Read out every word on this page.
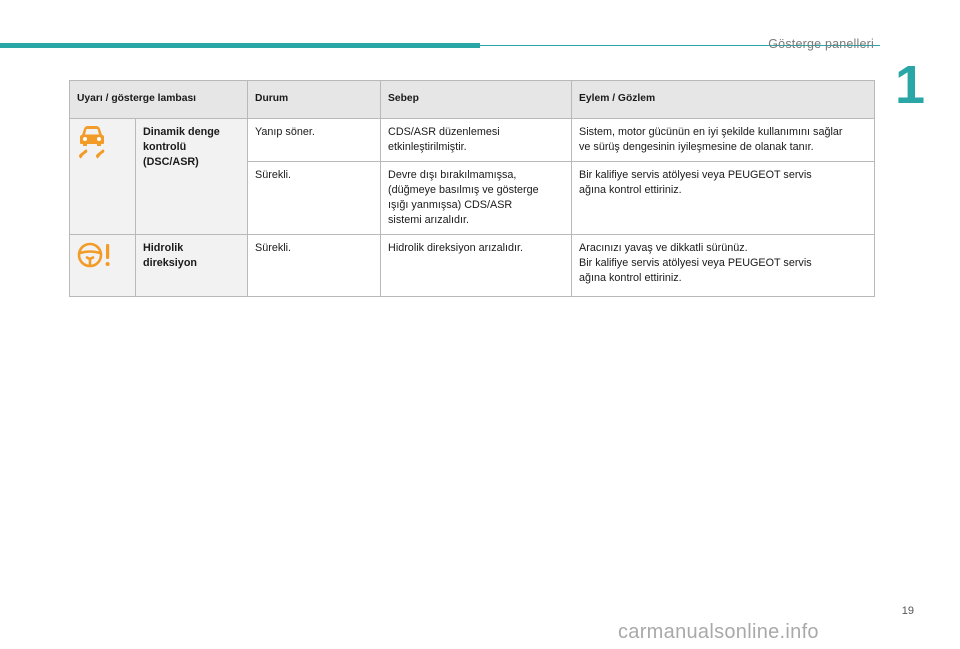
Gösterge panelleri
1
Uyarı / gösterge lambası		Durum	Sebep	Eylem / Gözlem
	Dinamik denge
kontrolü
(DSC/ASR)	Yanıp söner.	CDS/ASR düzenlemesi
etkinleştirilmiştir.	Sistem, motor gücünün en iyi şekilde kullanımını sağlar
ve sürüş dengesinin iyileşmesine de olanak tanır.
		Sürekli.	Devre dışı bırakılmamışsa,
(düğmeye basılmış ve gösterge
ışığı yanmışsa) CDS/ASR
sistemi arızalıdır.	Bir kalifiye servis atölyesi veya PEUGEOT servis
ağına kontrol ettiriniz.
	Hidrolik
direksiyon	Sürekli.	Hidrolik direksiyon arızalıdır.	Aracınızı yavaş ve dikkatli sürünüz.
Bir kalifiye servis atölyesi veya PEUGEOT servis
ağına kontrol ettiriniz.
19
carmanualsonline.info
